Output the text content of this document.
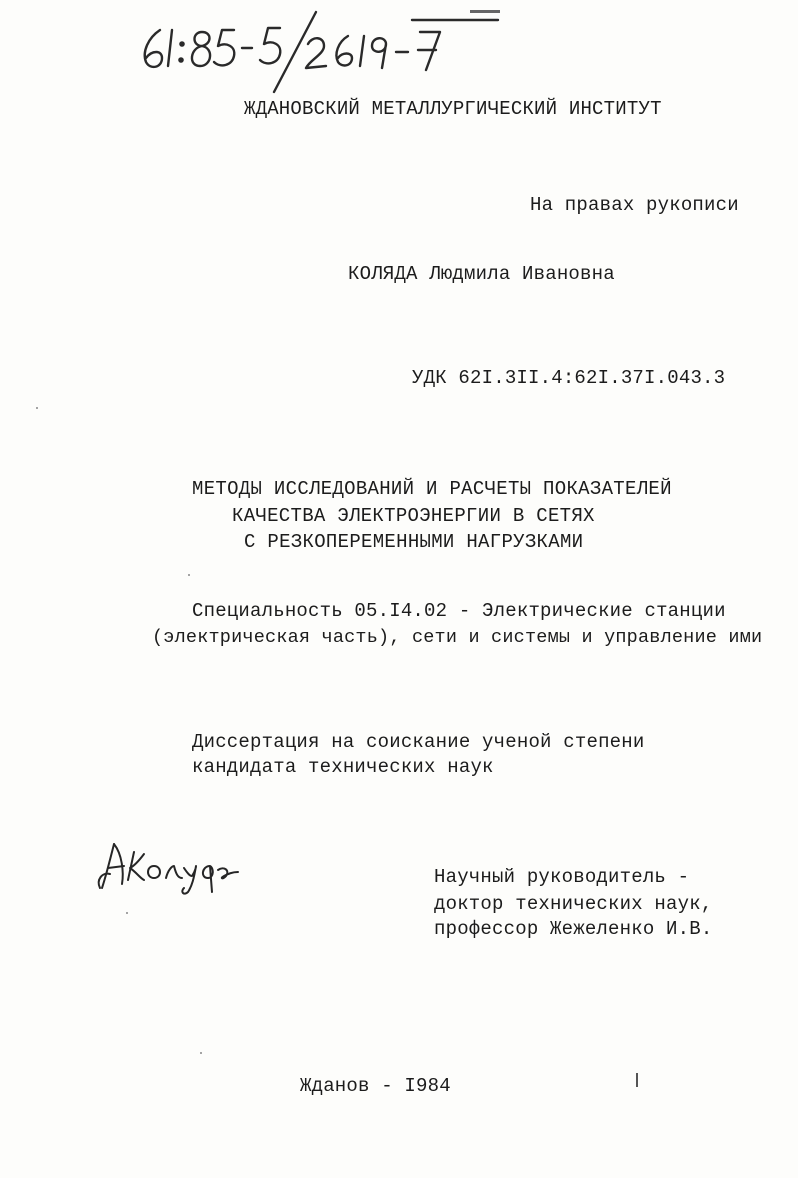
ЖДАНОВСКИЙ МЕТАЛЛУРГИЧЕСКИЙ ИНСТИТУТ
На правах рукописи
КОЛЯДА Людмила Ивановна
УДК 62I.3II.4:62I.37I.043.3
МЕТОДЫ ИССЛЕДОВАНИЙ И РАСЧЕТЫ ПОКАЗАТЕЛЕЙ
КАЧЕСТВА ЭЛЕКТРОЭНЕРГИИ В СЕТЯХ
С РЕЗКОПЕРЕМЕННЫМИ НАГРУЗКАМИ
Специальность 05.I4.02 - Электрические станции
(электрическая часть), сети и системы и управление ими
Диссертация на соискание ученой степени
кандидата технических наук
Научный руководитель -
доктор технических наук,
профессор Жежеленко И.В.
Жданов - I984
